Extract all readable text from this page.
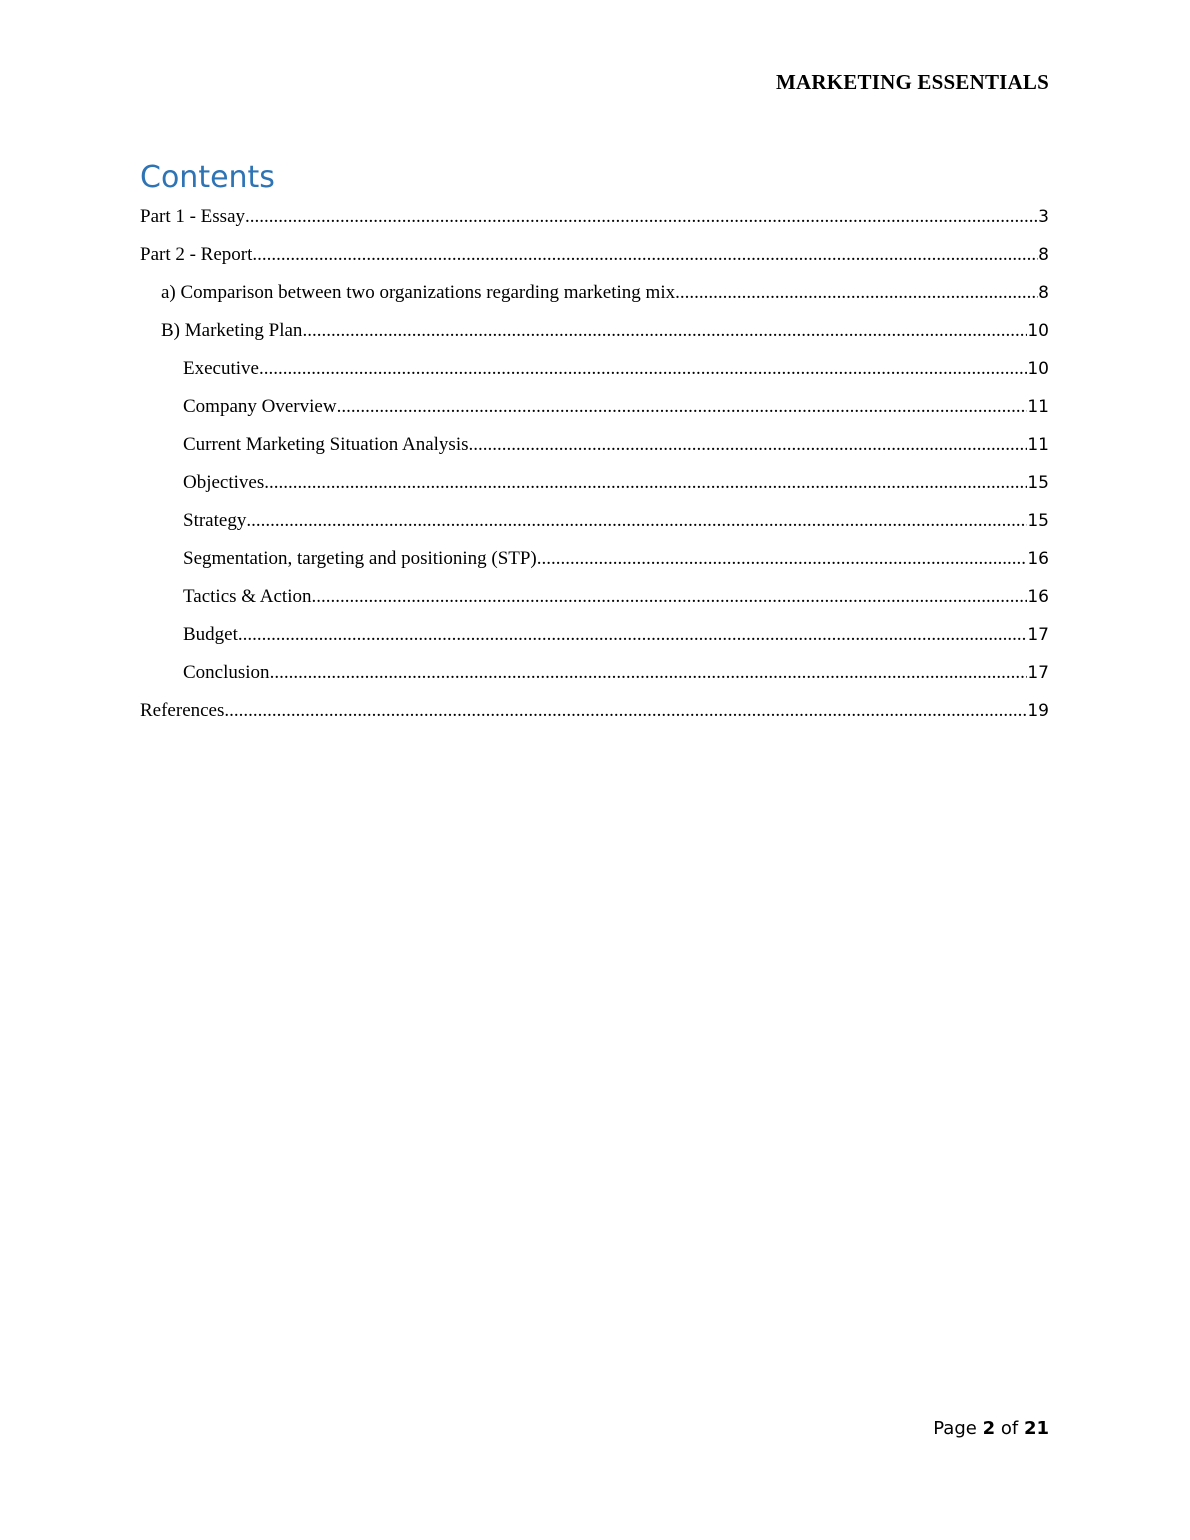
MARKETING ESSENTIALS
Contents
Part 1 - Essay .....	3
Part 2 - Report .....	8
a) Comparison between two organizations regarding marketing mix .....	8
B) Marketing Plan .....	10
Executive .....	10
Company Overview .....	11
Current Marketing Situation Analysis .....	11
Objectives .....	15
Strategy .....	15
Segmentation, targeting and positioning (STP) .....	16
Tactics & Action .....	16
Budget .....	17
Conclusion .....	17
References .....	19
Page 2 of 21
